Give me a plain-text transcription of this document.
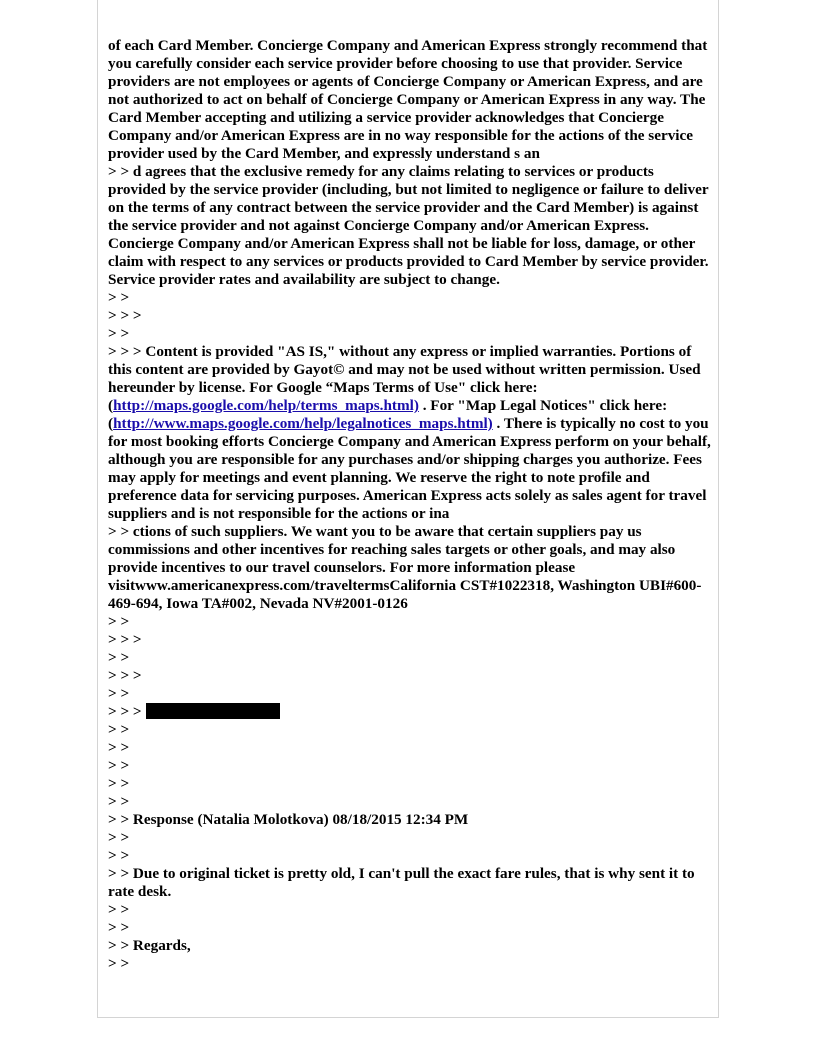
of each Card Member. Concierge Company and American Express strongly recommend that you carefully consider each service provider before choosing to use that provider. Service providers are not employees or agents of Concierge Company or American Express, and are not authorized to act on behalf of Concierge Company or American Express in any way. The Card Member accepting and utilizing a service provider acknowledges that Concierge Company and/or American Express are in no way responsible for the actions of the service provider used by the Card Member, and expressly understand s an

> > d agrees that the exclusive remedy for any claims relating to services or products provided by the service provider (including, but not limited to negligence or failure to deliver on the terms of any contract between the service provider and the Card Member) is against the service provider and not against Concierge Company and/or American Express. Concierge Company and/or American Express shall not be liable for loss, damage, or other claim with respect to any services or products provided to Card Member by service provider. Service provider rates and availability are subject to change.

> >
> > >
> >

> > > Content is provided "AS IS," without any express or implied warranties. Portions of this content are provided by Gayot© and may not be used without written permission. Used hereunder by license. For Google “Maps Terms of Use" click here: (http://maps.google.com/help/terms_maps.html) . For "Map Legal Notices" click here: (http://www.maps.google.com/help/legalnotices_maps.html) . There is typically no cost to you for most booking efforts Concierge Company and American Express perform on your behalf, although you are responsible for any purchases and/or shipping charges you authorize. Fees may apply for meetings and event planning. We reserve the right to note profile and preference data for servicing purposes. American Express acts solely as sales agent for travel suppliers and is not responsible for the actions or ina

> > ctions of such suppliers. We want you to be aware that certain suppliers pay us commissions and other incentives for reaching sales targets or other goals, and may also provide incentives to our travel counselors. For more information please visitwww.americanexpress.com/traveltermsCalifornia CST#1022318, Washington UBI#600-469-694, Iowa TA#002, Nevada NV#2001-0126

> >
> > >
> >
> > >
> >
> > >
> >
> >
> >
> >
> >
> > Response (Natalia Molotkova) 08/18/2015 12:34 PM
> >
> >

> > Due to original ticket is pretty old, I can't pull the exact fare rules, that is why sent it to rate desk.

> >
> >
> > Regards,
> >
